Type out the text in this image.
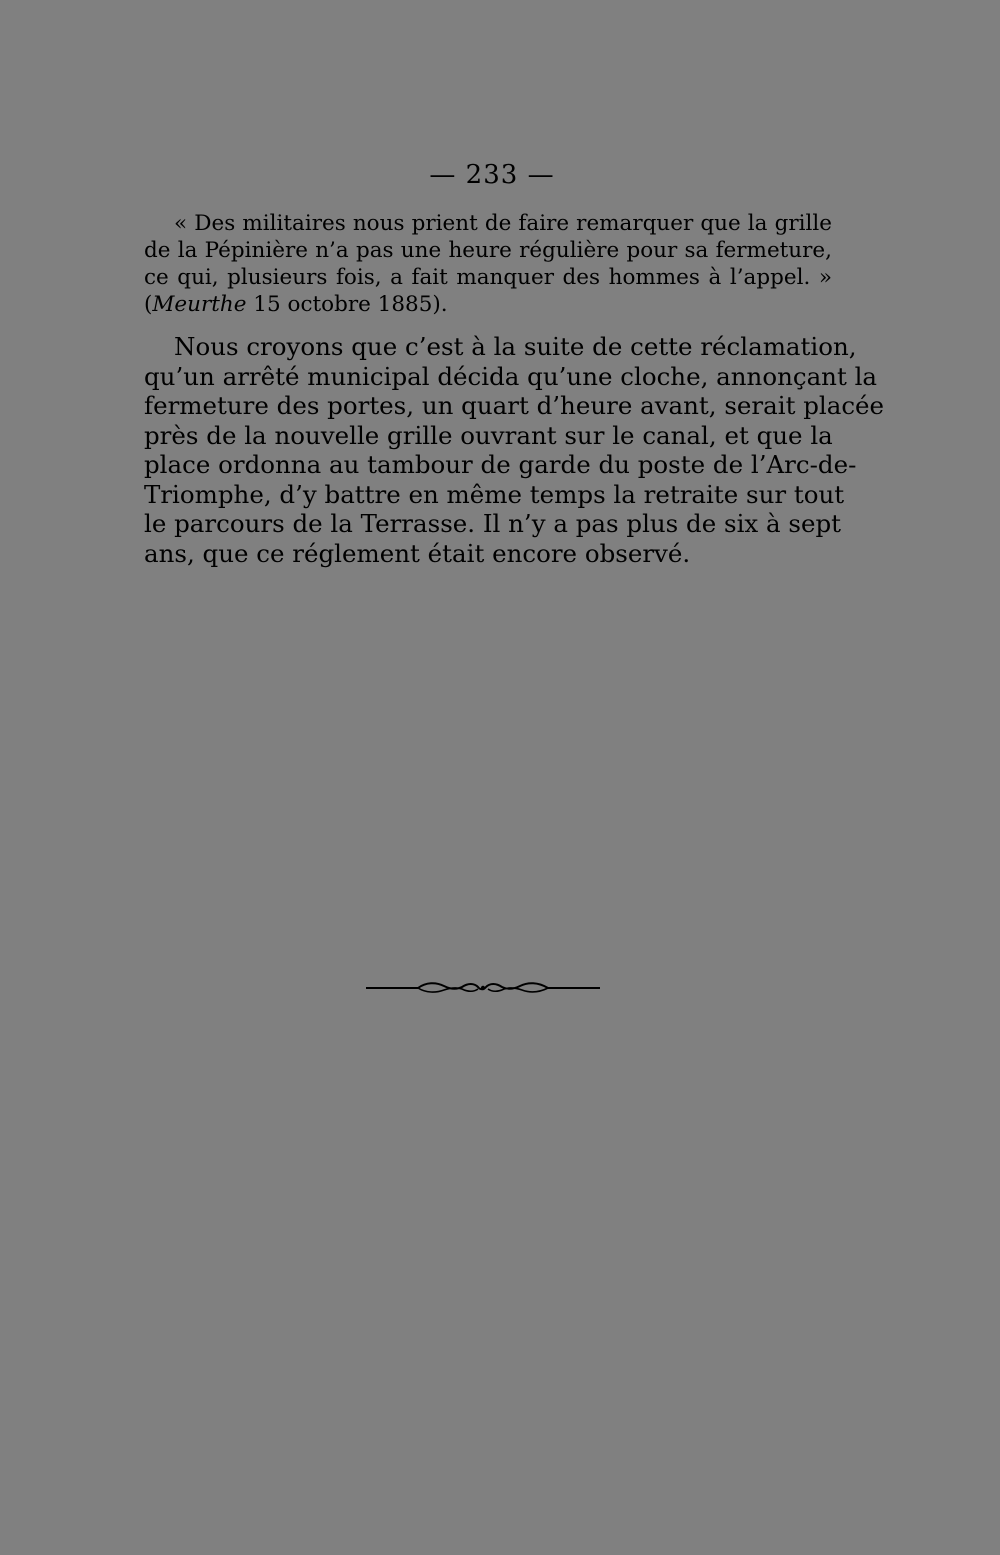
— 233 —
« Des militaires nous prient de faire remarquer que la grille
de la Pépinière n’a pas une heure régulière pour sa fermeture,
ce qui, plusieurs fois, a fait manquer des hommes à l’appel. »
(Meurthe 15 octobre 1885).
Nous croyons que c’est à la suite de cette réclamation,
qu’un arrêté municipal décida qu’une cloche, annonçant la
fermeture des portes, un quart d’heure avant, serait placée
près de la nouvelle grille ouvrant sur le canal, et que la
place ordonna au tambour de garde du poste de l’Arc-de-
Triomphe, d’y battre en même temps la retraite sur tout
le parcours de la Terrasse. Il n’y a pas plus de six à sept
ans, que ce réglement était encore observé.
